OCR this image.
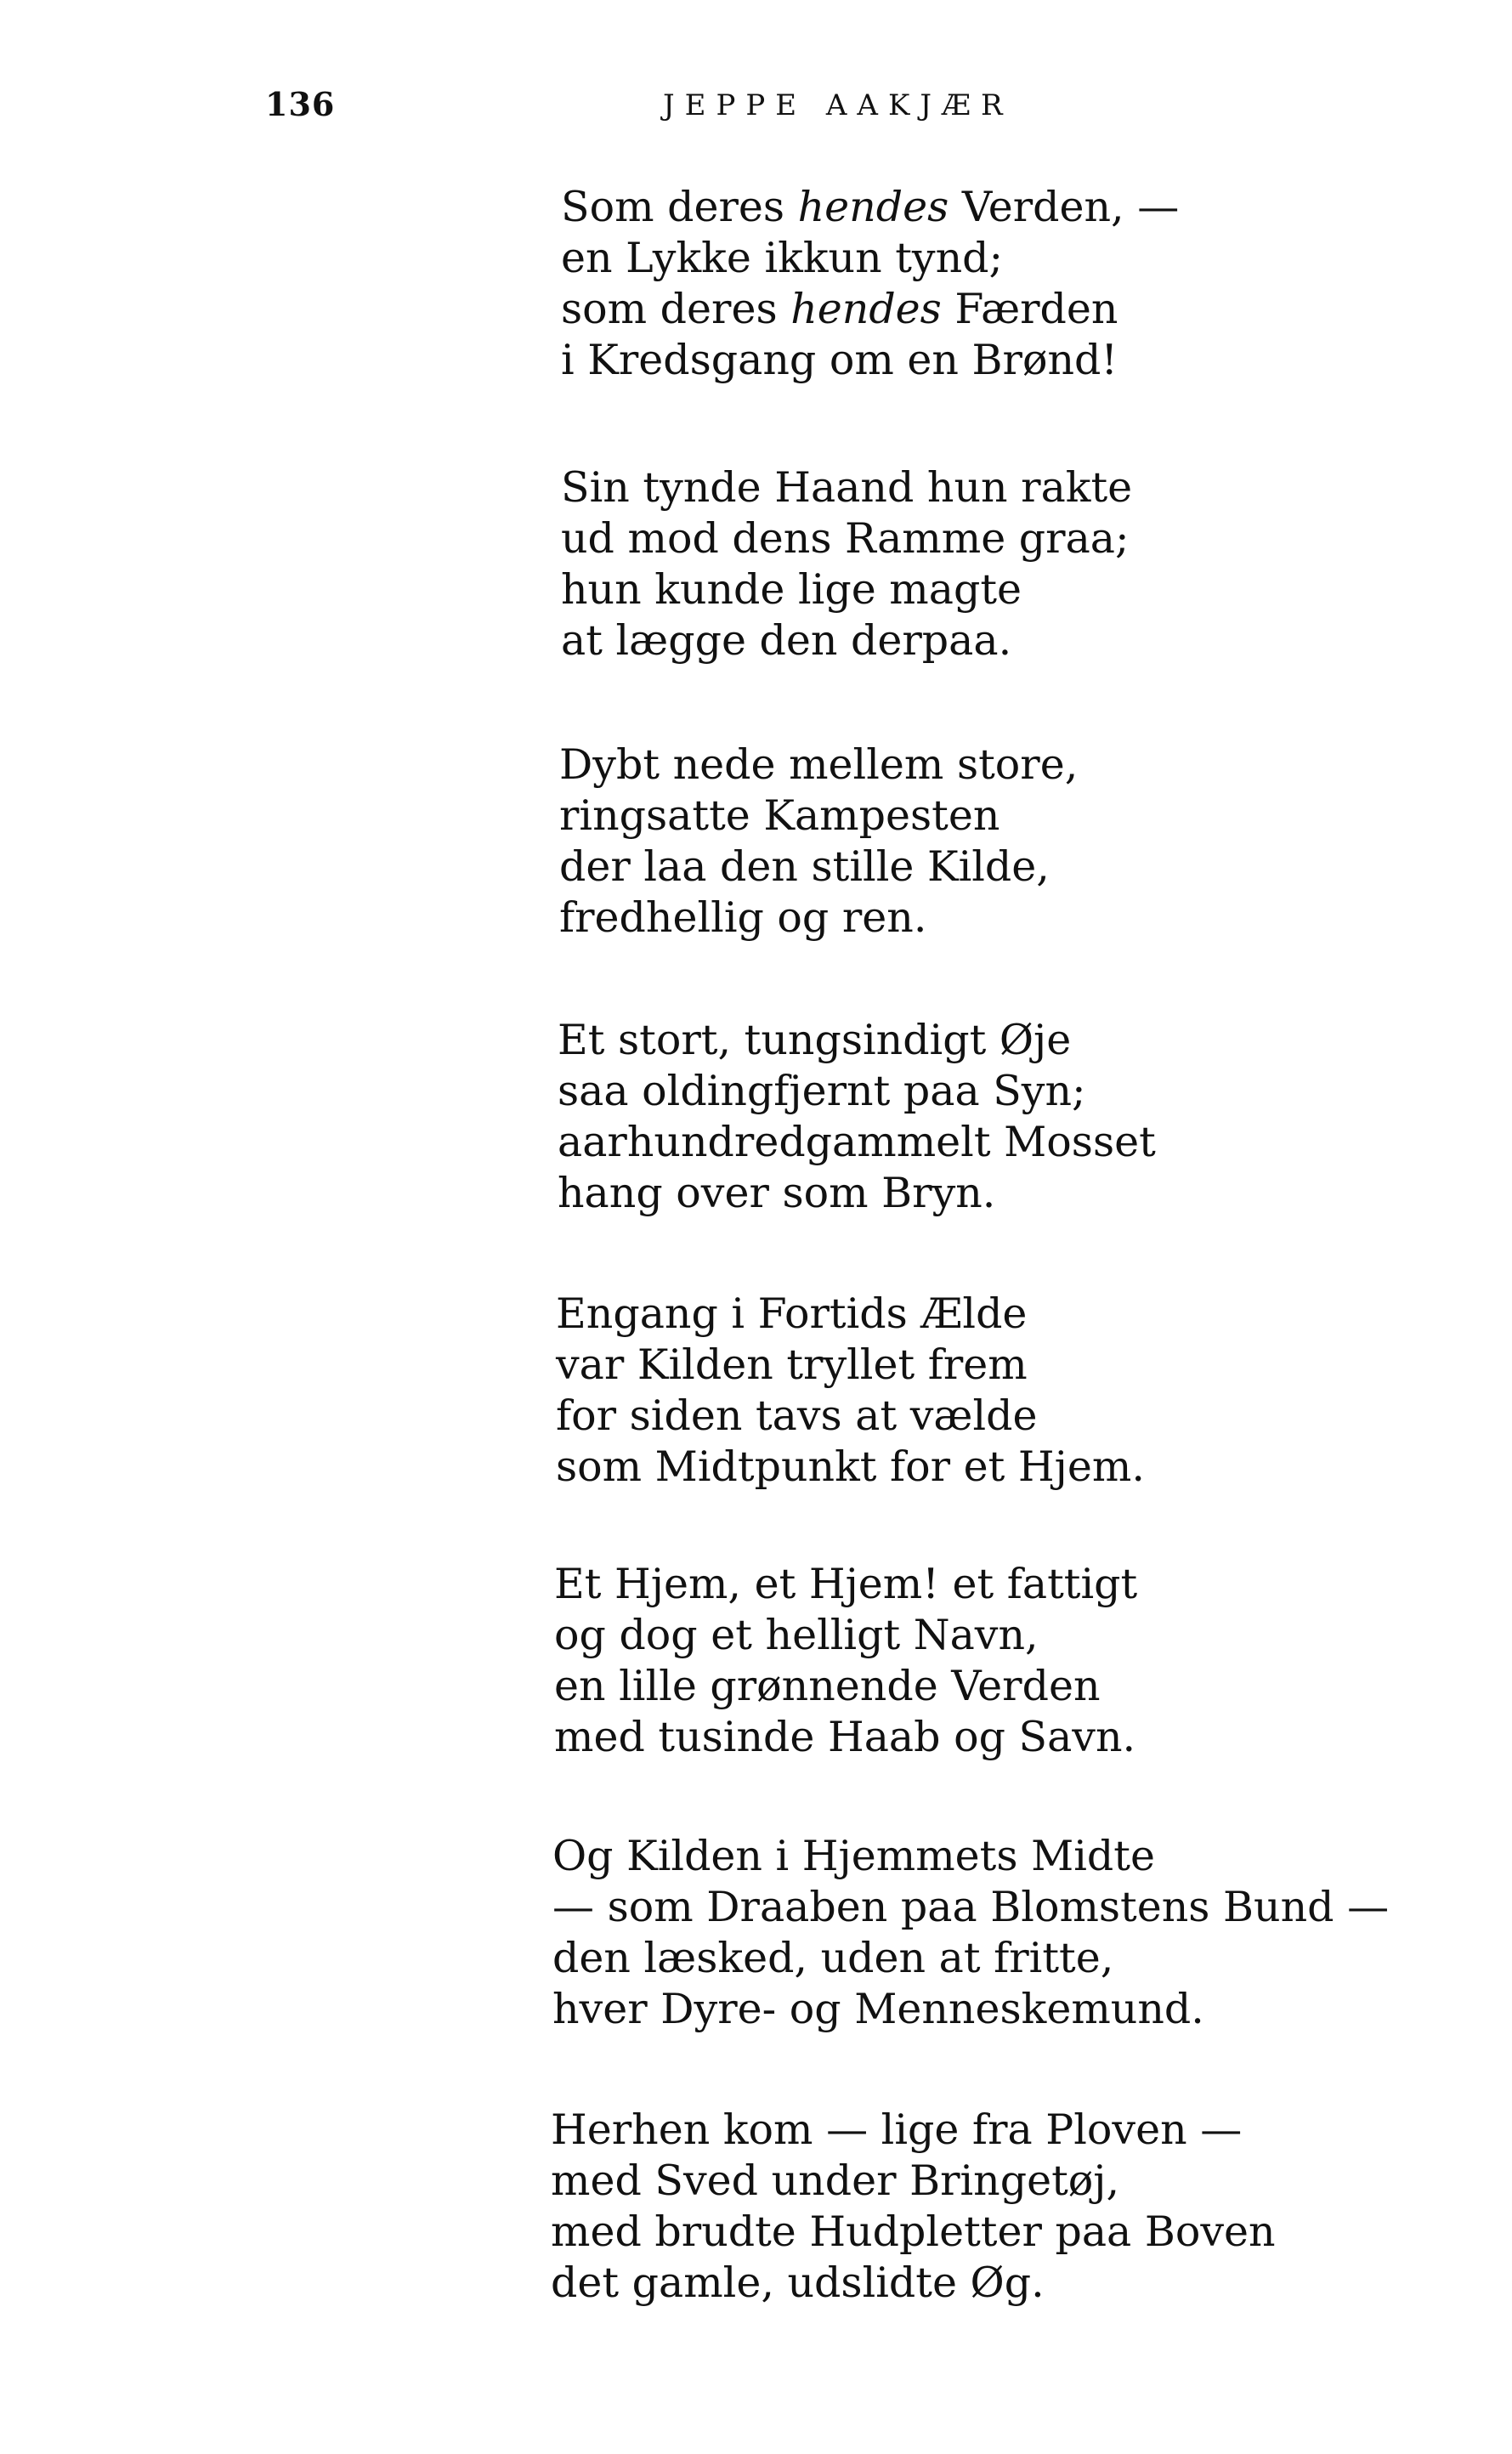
136	JEPPE AAKJÆR
Som deres hendes Verden, —
en Lykke ikkun tynd;
som deres hendes Færden
i Kredsgang om en Brønd!
Sin tynde Haand hun rakte
ud mod dens Ramme graa;
hun kunde lige magte
at lægge den derpaa.
Dybt nede mellem store,
ringsatte Kampesten
der laa den stille Kilde,
fredhellig og ren.
Et stort, tungsindigt Øje
saa oldingfjernt paa Syn;
aarhundredgammelt Mosset
hang over som Bryn.
Engang i Fortids Ælde
var Kilden tryllet frem
for siden tavs at vælde
som Midtpunkt for et Hjem.
Et Hjem, et Hjem! et fattigt
og dog et helligt Navn,
en lille grønnende Verden
med tusinde Haab og Savn.
Og Kilden i Hjemmets Midte
— som Draaben paa Blomstens Bund —
den læsked, uden at fritte,
hver Dyre- og Menneskemund.
Herhen kom — lige fra Ploven —
med Sved under Bringetøj,
med brudte Hudpletter paa Boven
det gamle, udslidte Øg.
